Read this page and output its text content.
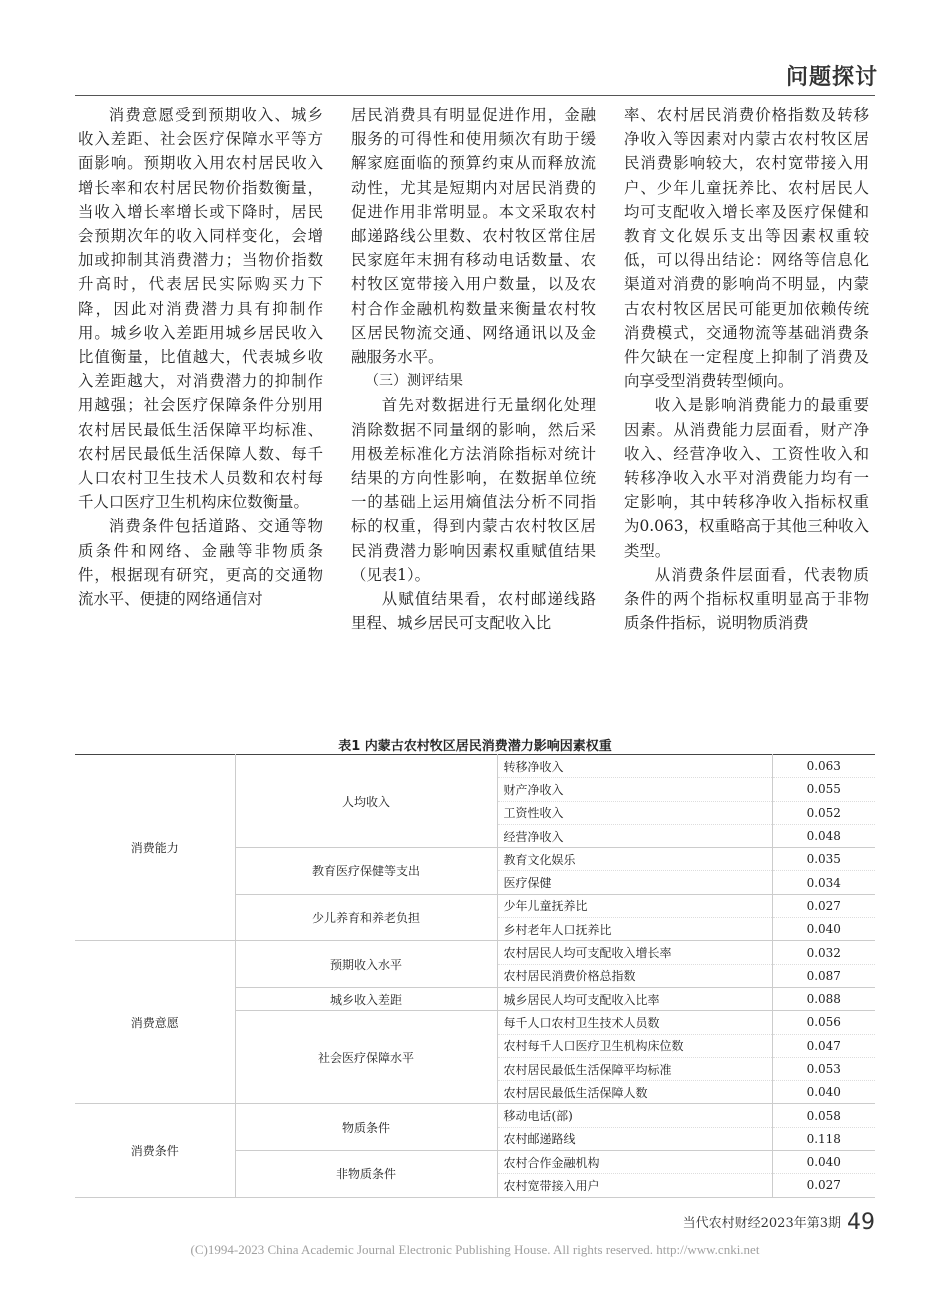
问题探讨

消费意愿受到预期收入、城乡收入差距、社会医疗保障水平等方面影响。预期收入用农村居民收入增长率和农村居民物价指数衡量，当收入增长率增长或下降时，居民会预期次年的收入同样变化，会增加或抑制其消费潜力；当物价指数升高时，代表居民实际购买力下降，因此对消费潜力具有抑制作用。城乡收入差距用城乡居民收入比值衡量，比值越大，代表城乡收入差距越大，对消费潜力的抑制作用越强；社会医疗保障条件分别用农村居民最低生活保障平均标准、农村居民最低生活保障人数、每千人口农村卫生技术人员数和农村每千人口医疗卫生机构床位数衡量。

消费条件包括道路、交通等物质条件和网络、金融等非物质条件，根据现有研究，更高的交通物流水平、便捷的网络通信对

居民消费具有明显促进作用，金融服务的可得性和使用频次有助于缓解家庭面临的预算约束从而释放流动性，尤其是短期内对居民消费的促进作用非常明显。本文采取农村邮递路线公里数、农村牧区常住居民家庭年末拥有移动电话数量、农村牧区宽带接入用户数量，以及农村合作金融机构数量来衡量农村牧区居民物流交通、网络通讯以及金融服务水平。

（三）测评结果

首先对数据进行无量纲化处理消除数据不同量纲的影响，然后采用极差标准化方法消除指标对统计结果的方向性影响，在数据单位统一的基础上运用熵值法分析不同指标的权重，得到内蒙古农村牧区居民消费潜力影响因素权重赋值结果（见表1）。

从赋值结果看，农村邮递线路里程、城乡居民可支配收入比

率、农村居民消费价格指数及转移净收入等因素对内蒙古农村牧区居民消费影响较大，农村宽带接入用户、少年儿童抚养比、农村居民人均可支配收入增长率及医疗保健和教育文化娱乐支出等因素权重较低，可以得出结论：网络等信息化渠道对消费的影响尚不明显，内蒙古农村牧区居民可能更加依赖传统消费模式，交通物流等基础消费条件欠缺在一定程度上抑制了消费及向享受型消费转型倾向。

收入是影响消费能力的最重要因素。从消费能力层面看，财产净收入、经营净收入、工资性收入和转移净收入水平对消费能力均有一定影响，其中转移净收入指标权重为0.063，权重略高于其他三种收入类型。

从消费条件层面看，代表物质条件的两个指标权重明显高于非物质条件指标，说明物质消费

表1 内蒙古农村牧区居民消费潜力影响因素权重
消费能力	人均收入	转移净收入	0.063
		财产净收入	0.055
		工资性收入	0.052
		经营净收入	0.048
	教育医疗保健等支出	教育文化娱乐	0.035
		医疗保健	0.034
	少儿养育和养老负担	少年儿童抚养比	0.027
		乡村老年人口抚养比	0.040
消费意愿	预期收入水平	农村居民人均可支配收入增长率	0.032
		农村居民消费价格总指数	0.087
	城乡收入差距	城乡居民人均可支配收入比率	0.088
	社会医疗保障水平	每千人口农村卫生技术人员数	0.056
		农村每千人口医疗卫生机构床位数	0.047
		农村居民最低生活保障平均标准	0.053
		农村居民最低生活保障人数	0.040
消费条件	物质条件	移动电话(部)	0.058
		农村邮递路线	0.118
	非物质条件	农村合作金融机构	0.040
		农村宽带接入用户	0.027
当代农村财经2023年第3期 49
(C)1994-2023 China Academic Journal Electronic Publishing House. All rights reserved. http://www.cnki.net
